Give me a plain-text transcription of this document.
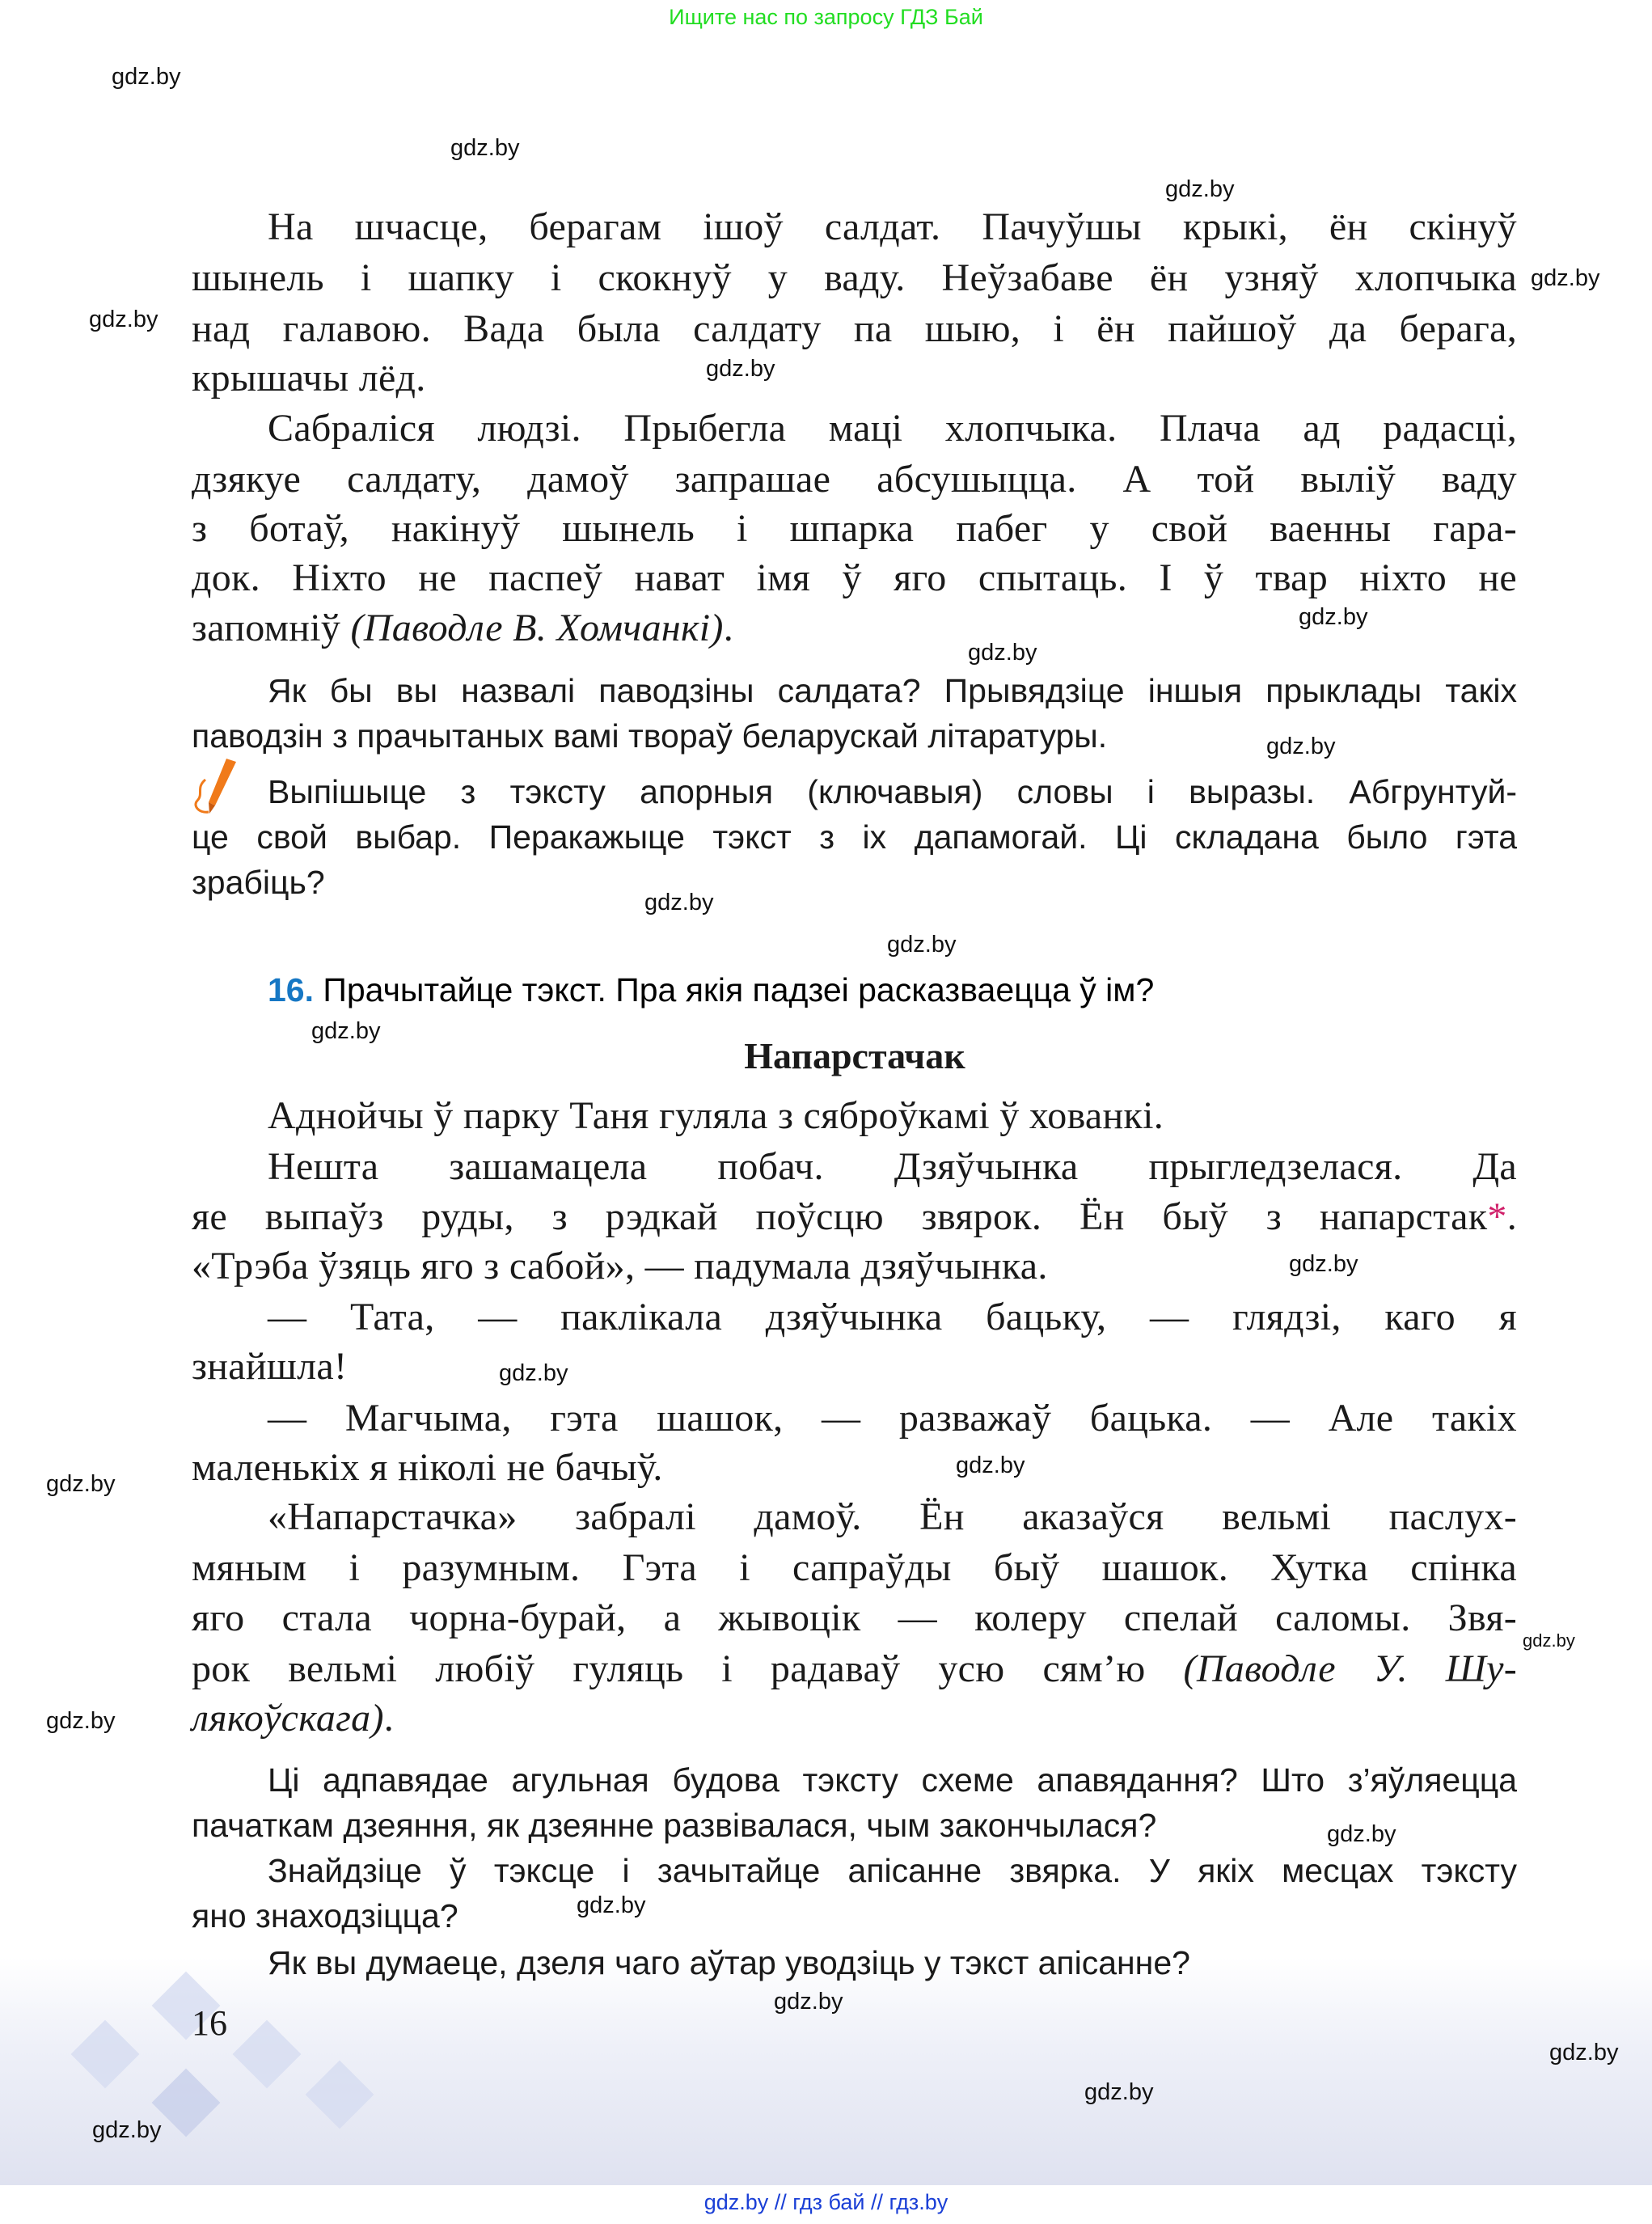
Ищите нас по запросу ГДЗ Бай
На шчасце, берагам ішоў салдат. Пачуўшы крыкі, ён скінуў
шынель і шапку і скокнуў у ваду. Неўзабаве ён узняў хлопчыка
над галавою. Вада была салдату па шыю, і ён пайшоў да берага,
крышачы лёд.
Сабраліся людзі. Прыбегла маці хлопчыка. Плача ад радасці,
дзякуе салдату, дамоў запрашае абсушыцца. А той выліў ваду
з ботаў, накінуў шынель і шпарка пабег у свой ваенны гара-
док. Ніхто не паспеў нават імя ў яго спытаць. І ў твар ніхто не
запомніў (Паводле В. Хомчанкі).
Як бы вы назвалі паводзіны салдата? Прывядзіце іншыя прыклады такіх
паводзін з прачытаных вамі твораў беларускай літаратуры.
Выпішыце з тэксту апорныя (ключавыя) словы і выразы. Абгрунтуй-
це свой выбар. Перакажыце тэкст з іх дапамогай. Ці складана было гэта
зрабіць?
Аднойчы ў парку Таня гуляла з сяброўкамі ў хованкі.
Нешта зашамацела побач. Дзяўчынка прыгледзелася. Да
яе выпаўз руды, з рэдкай поўсцю звярок. Ён быў з напарстак*.
«Трэба ўзяць яго з сабой», — падумала дзяўчынка.
— Тата, — паклікала дзяўчынка бацьку, — глядзі, каго я
знайшла!
— Магчыма, гэта шашок, — разважаў бацька. — Але такіх
маленькіх я ніколі не бачыў.
«Напарстачка» забралі дамоў. Ён аказаўся вельмі паслух-
мяным і разумным. Гэта і сапраўды быў шашок. Хутка спінка
яго стала чорна-бурай, а жывоцік — колеру спелай саломы. Звя-
рок вельмі любіў гуляць і радаваў усю сям’ю (Паводле У. Шу-
лякоўскага).
Ці адпавядае агульная будова тэксту схеме апавядання? Што з’яўляецца
пачаткам дзеяння, як дзеянне развівалася, чым закончылася?
Знайдзіце ў тэксце і зачытайце апісанне звярка. У якіх месцах тэксту
яно знаходзіцца?
Як вы думаеце, дзеля чаго аўтар уводзіць у тэкст апісанне?
16. Прачытайце тэкст. Пра якія падзеі расказваецца ў ім?
Напарстачак
16
gdz.by
gdz.by
gdz.by
gdz.by
gdz.by
gdz.by
gdz.by
gdz.by
gdz.by
gdz.by
gdz.by
gdz.by
gdz.by
gdz.by
gdz.by
gdz.by
gdz.by
gdz.by
gdz.by
gdz.by
gdz.by
gdz.by
gdz.by
gdz.by
gdz.by // гдз бай // гдз.by
